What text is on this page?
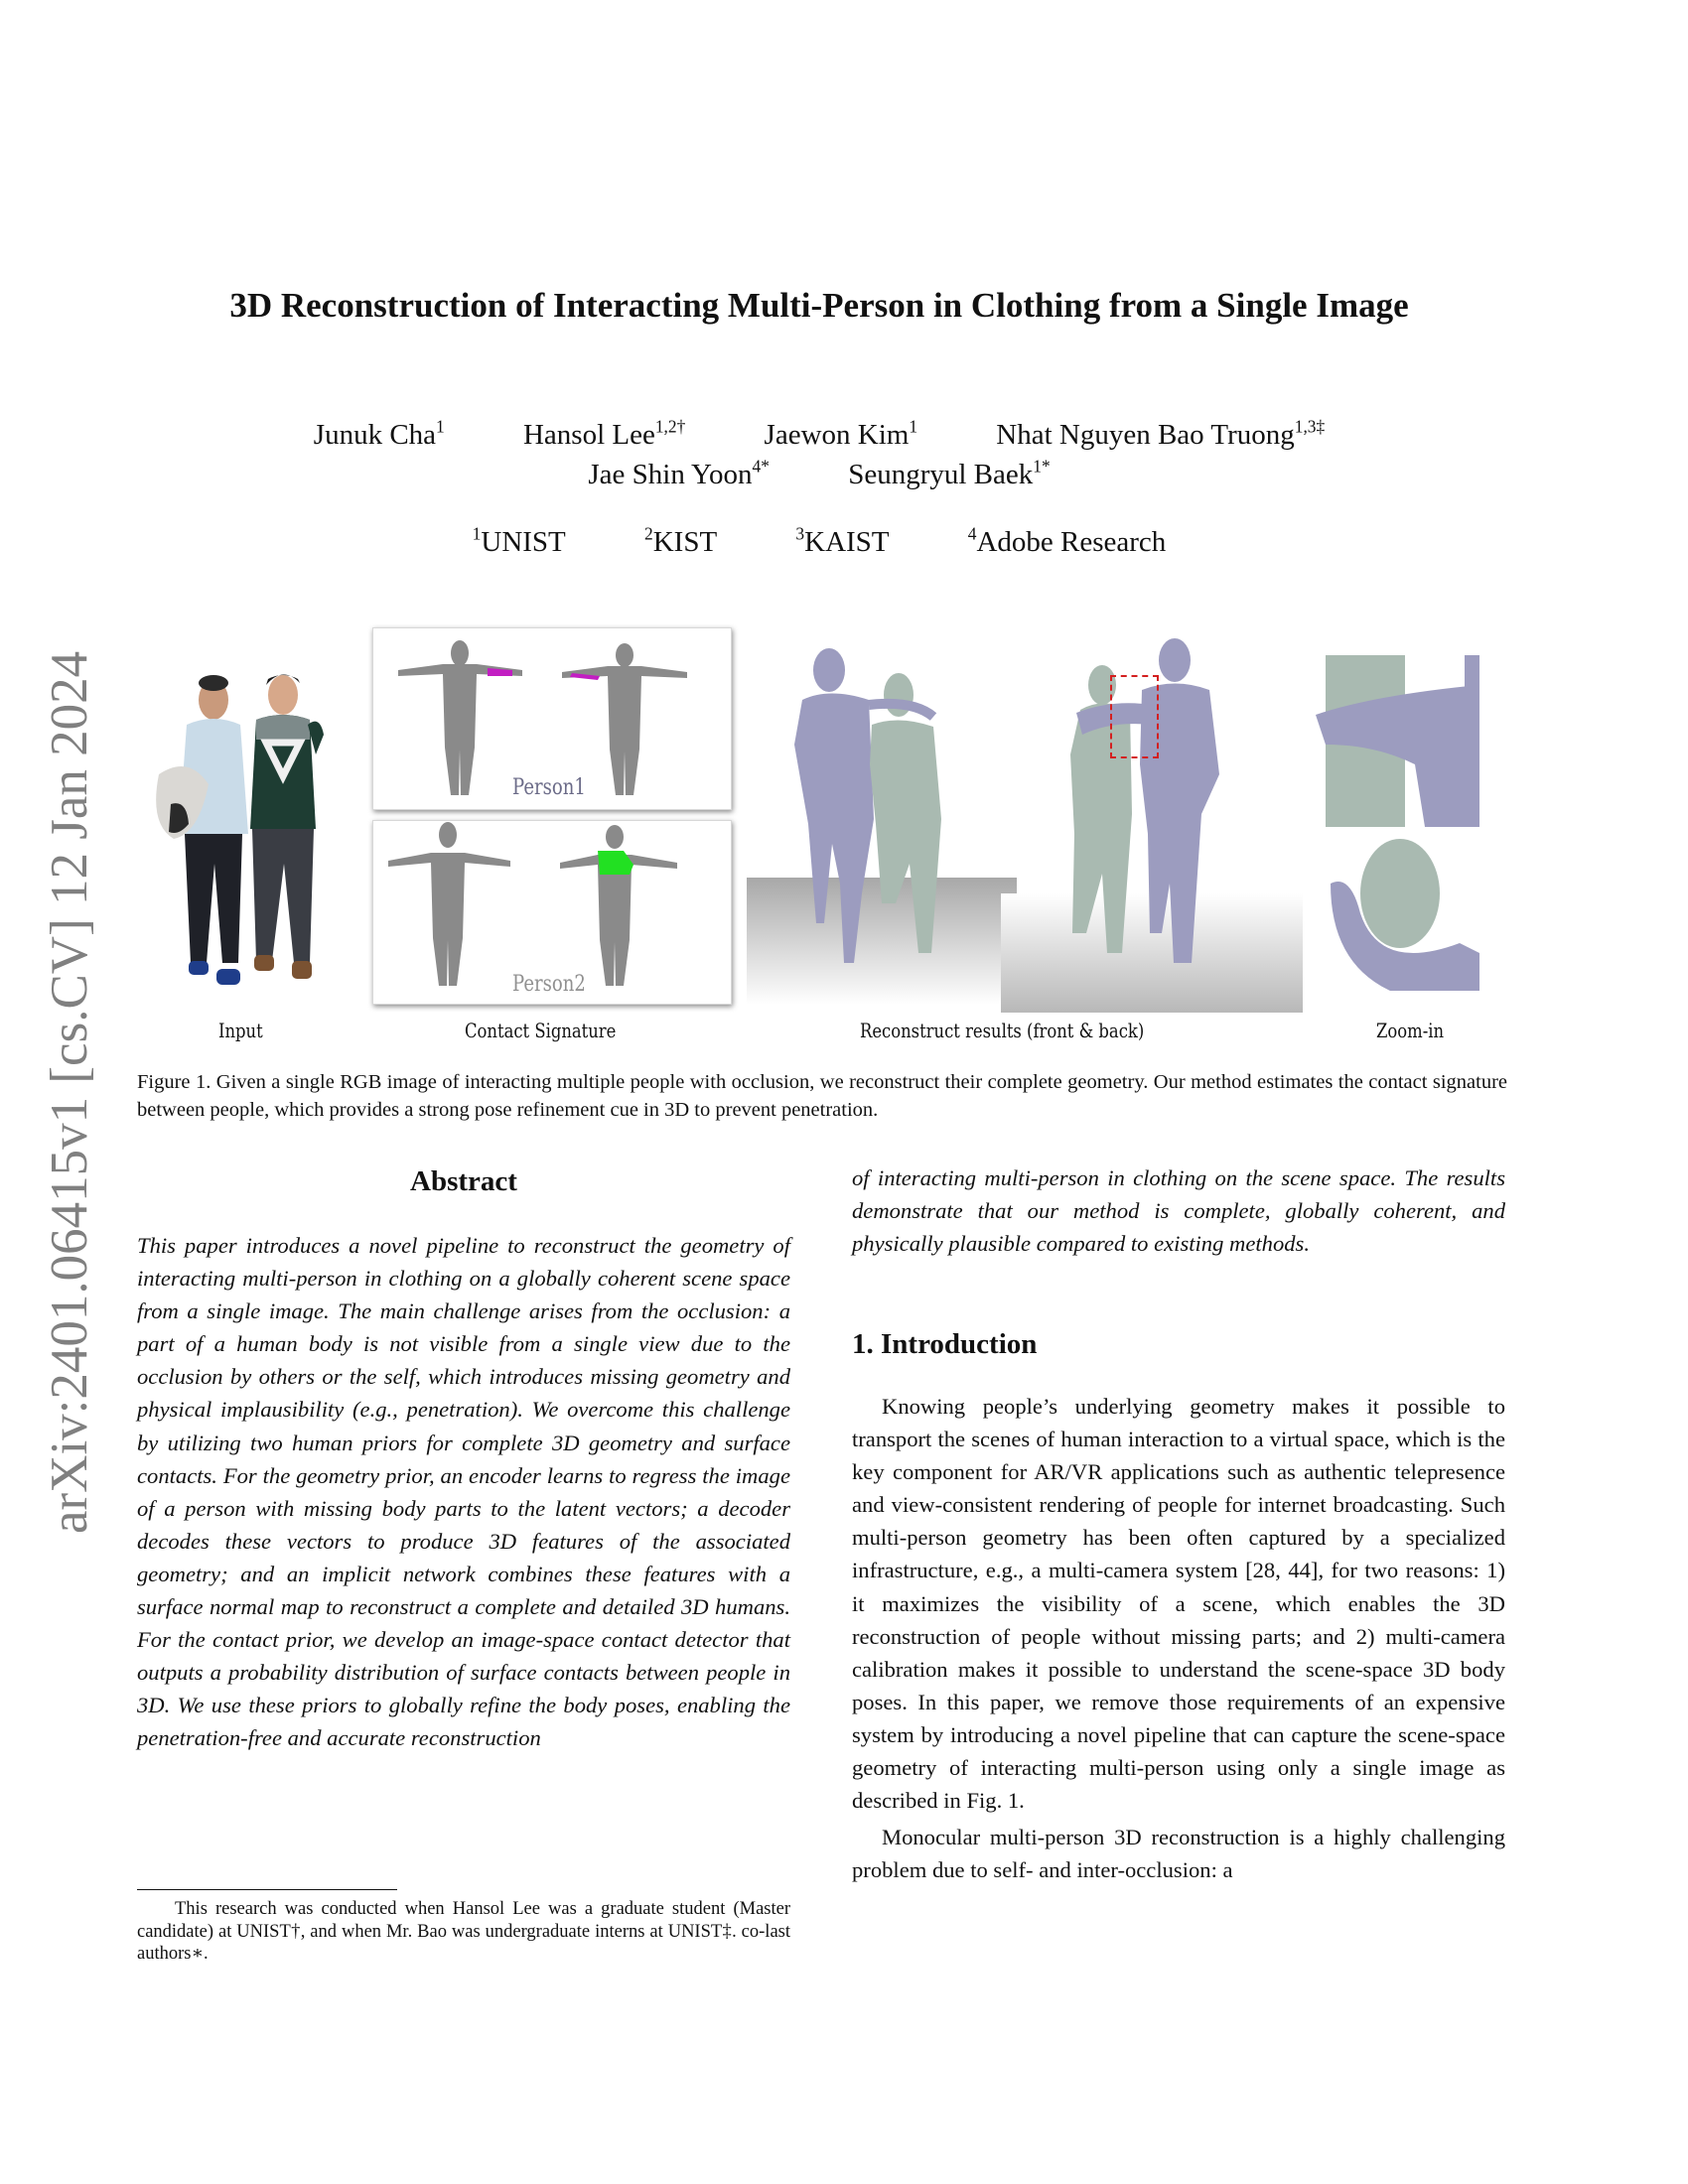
arXiv:2401.06415v1 [cs.CV] 12 Jan 2024
3D Reconstruction of Interacting Multi-Person in Clothing from a Single Image
Junuk Cha$^1$	Hansol Lee$^{1,2\dagger}$	Jaewon Kim$^1$	Nhat Nguyen Bao Truong$^{1,3\ddagger}$
Jae Shin Yoon$^{4*}$	Seungryul Baek$^{1*}$
$^1$UNIST	$^2$KIST	$^3$KAIST	$^4$Adobe Research
Person1
Person2
Input	Contact Signature	Reconstruct results (front & back)	Zoom-in
Figure 1. Given a single RGB image of interacting multiple people with occlusion, we reconstruct their complete geometry. Our method estimates the contact signature between people, which provides a strong pose refinement cue in 3D to prevent penetration.
Abstract
This paper introduces a novel pipeline to reconstruct the geometry of interacting multi-person in clothing on a globally coherent scene space from a single image. The main challenge arises from the occlusion: a part of a human body is not visible from a single view due to the occlusion by others or the self, which introduces missing geometry and physical implausibility (e.g., penetration). We overcome this challenge by utilizing two human priors for complete 3D geometry and surface contacts. For the geometry prior, an encoder learns to regress the image of a person with missing body parts to the latent vectors; a decoder decodes these vectors to produce 3D features of the associated geometry; and an implicit network combines these features with a surface normal map to reconstruct a complete and detailed 3D humans. For the contact prior, we develop an image-space contact detector that outputs a probability distribution of surface contacts between people in 3D. We use these priors to globally refine the body poses, enabling the penetration-free and accurate reconstruction

This research was conducted when Hansol Lee was a graduate student (Master candidate) at UNIST†, and when Mr. Bao was undergraduate interns at UNIST‡. co-last authors∗.

of interacting multi-person in clothing on the scene space. The results demonstrate that our method is complete, globally coherent, and physically plausible compared to existing methods.
1. Introduction

Knowing people’s underlying geometry makes it possible to transport the scenes of human interaction to a virtual space, which is the key component for AR/VR applications such as authentic telepresence and view-consistent rendering of people for internet broadcasting. Such multi-person geometry has been often captured by a specialized infrastructure, e.g., a multi-camera system [28, 44], for two reasons: 1) it maximizes the visibility of a scene, which enables the 3D reconstruction of people without missing parts; and 2) multi-camera calibration makes it possible to understand the scene-space 3D body poses. In this paper, we remove those requirements of an expensive system by introducing a novel pipeline that can capture the scene-space geometry of interacting multi-person using only a single image as described in Fig. 1.

Monocular multi-person 3D reconstruction is a highly challenging problem due to self- and inter-occlusion: a
